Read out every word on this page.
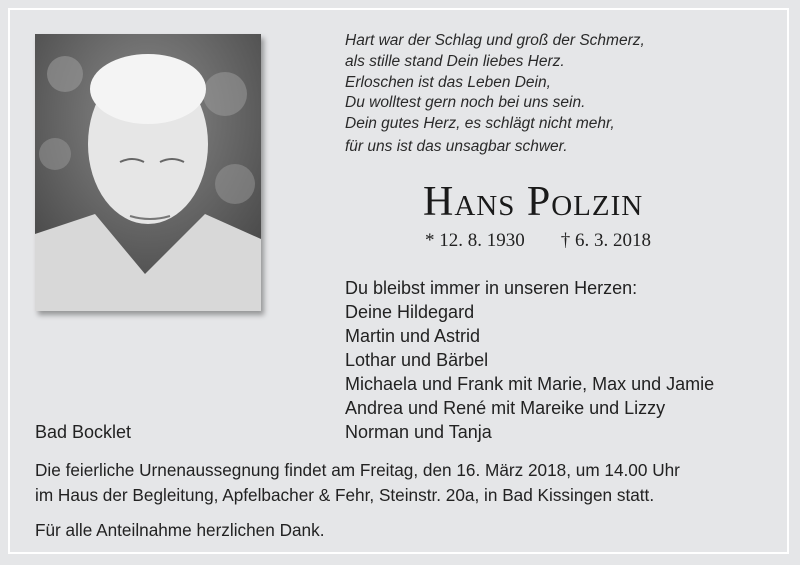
Hart war der Schlag und groß der Schmerz,
als stille stand Dein liebes Herz.
Erloschen ist das Leben Dein,
Du wolltest gern noch bei uns sein.
Dein gutes Herz, es schlägt nicht mehr,
für uns ist das unsagbar schwer.
Hans Polzin
* 12. 8. 1930 † 6. 3. 2018
Du bleibst immer in unseren Herzen:
Deine Hildegard
Martin und Astrid
Lothar und Bärbel
Michaela und Frank mit Marie, Max und Jamie
Andrea und René mit Mareike und Lizzy
Norman und Tanja
Bad Bocklet
Die feierliche Urnenaussegnung findet am Freitag, den 16. März 2018, um 14.00 Uhr
im Haus der Begleitung, Apfelbacher & Fehr, Steinstr. 20a, in Bad Kissingen statt.
Für alle Anteilnahme herzlichen Dank.
